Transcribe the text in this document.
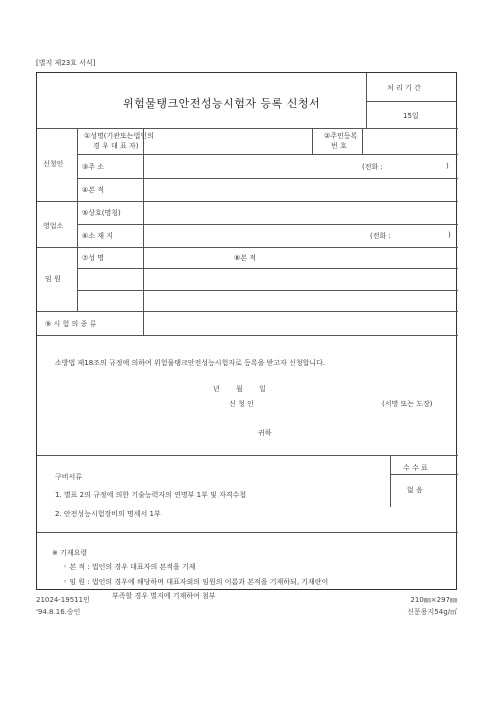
[별지 제23호 서식]
위험물탱크안전성능시험자 등록 신청서
처 리 기 간
15일
신청인
①성명(기관또는법인의
경 우 대 표 자)
②주민등록
번 호
③주 소	(전화 :	)
④본 적
영업소
⑤상호(명칭)
⑥소 재 지	(전화 :	)
임 원
⑦성 명	⑧본 적
⑨ 시 험 의 종 류
소방법 제18조의 규정에 의하여 위험물탱크안전성능시험자로 등록을 받고자 신청합니다.
년 월 일
신 청 인	(서명 또는 도장)
귀하
구비서류
1. 별표 2의 규정에 의한 기술능력자의 연명부 1부 및 자격수첩
2. 안전성능시험장비의 명세서 1부
수 수 료
없 음
※ 기재요령
◦ 본 적 : 법인의 경우 대표자의 본적을 기재
◦ 임 원 : 법인의 경우에 해당하며 대표자외의 임원의 이름과 본적을 기재하되, 기재란이
부족할 경우 별지에 기재하여 첨부
21024-19511민
'94.8.16.승인
210㎜×297㎜
신문용지54g/㎡
